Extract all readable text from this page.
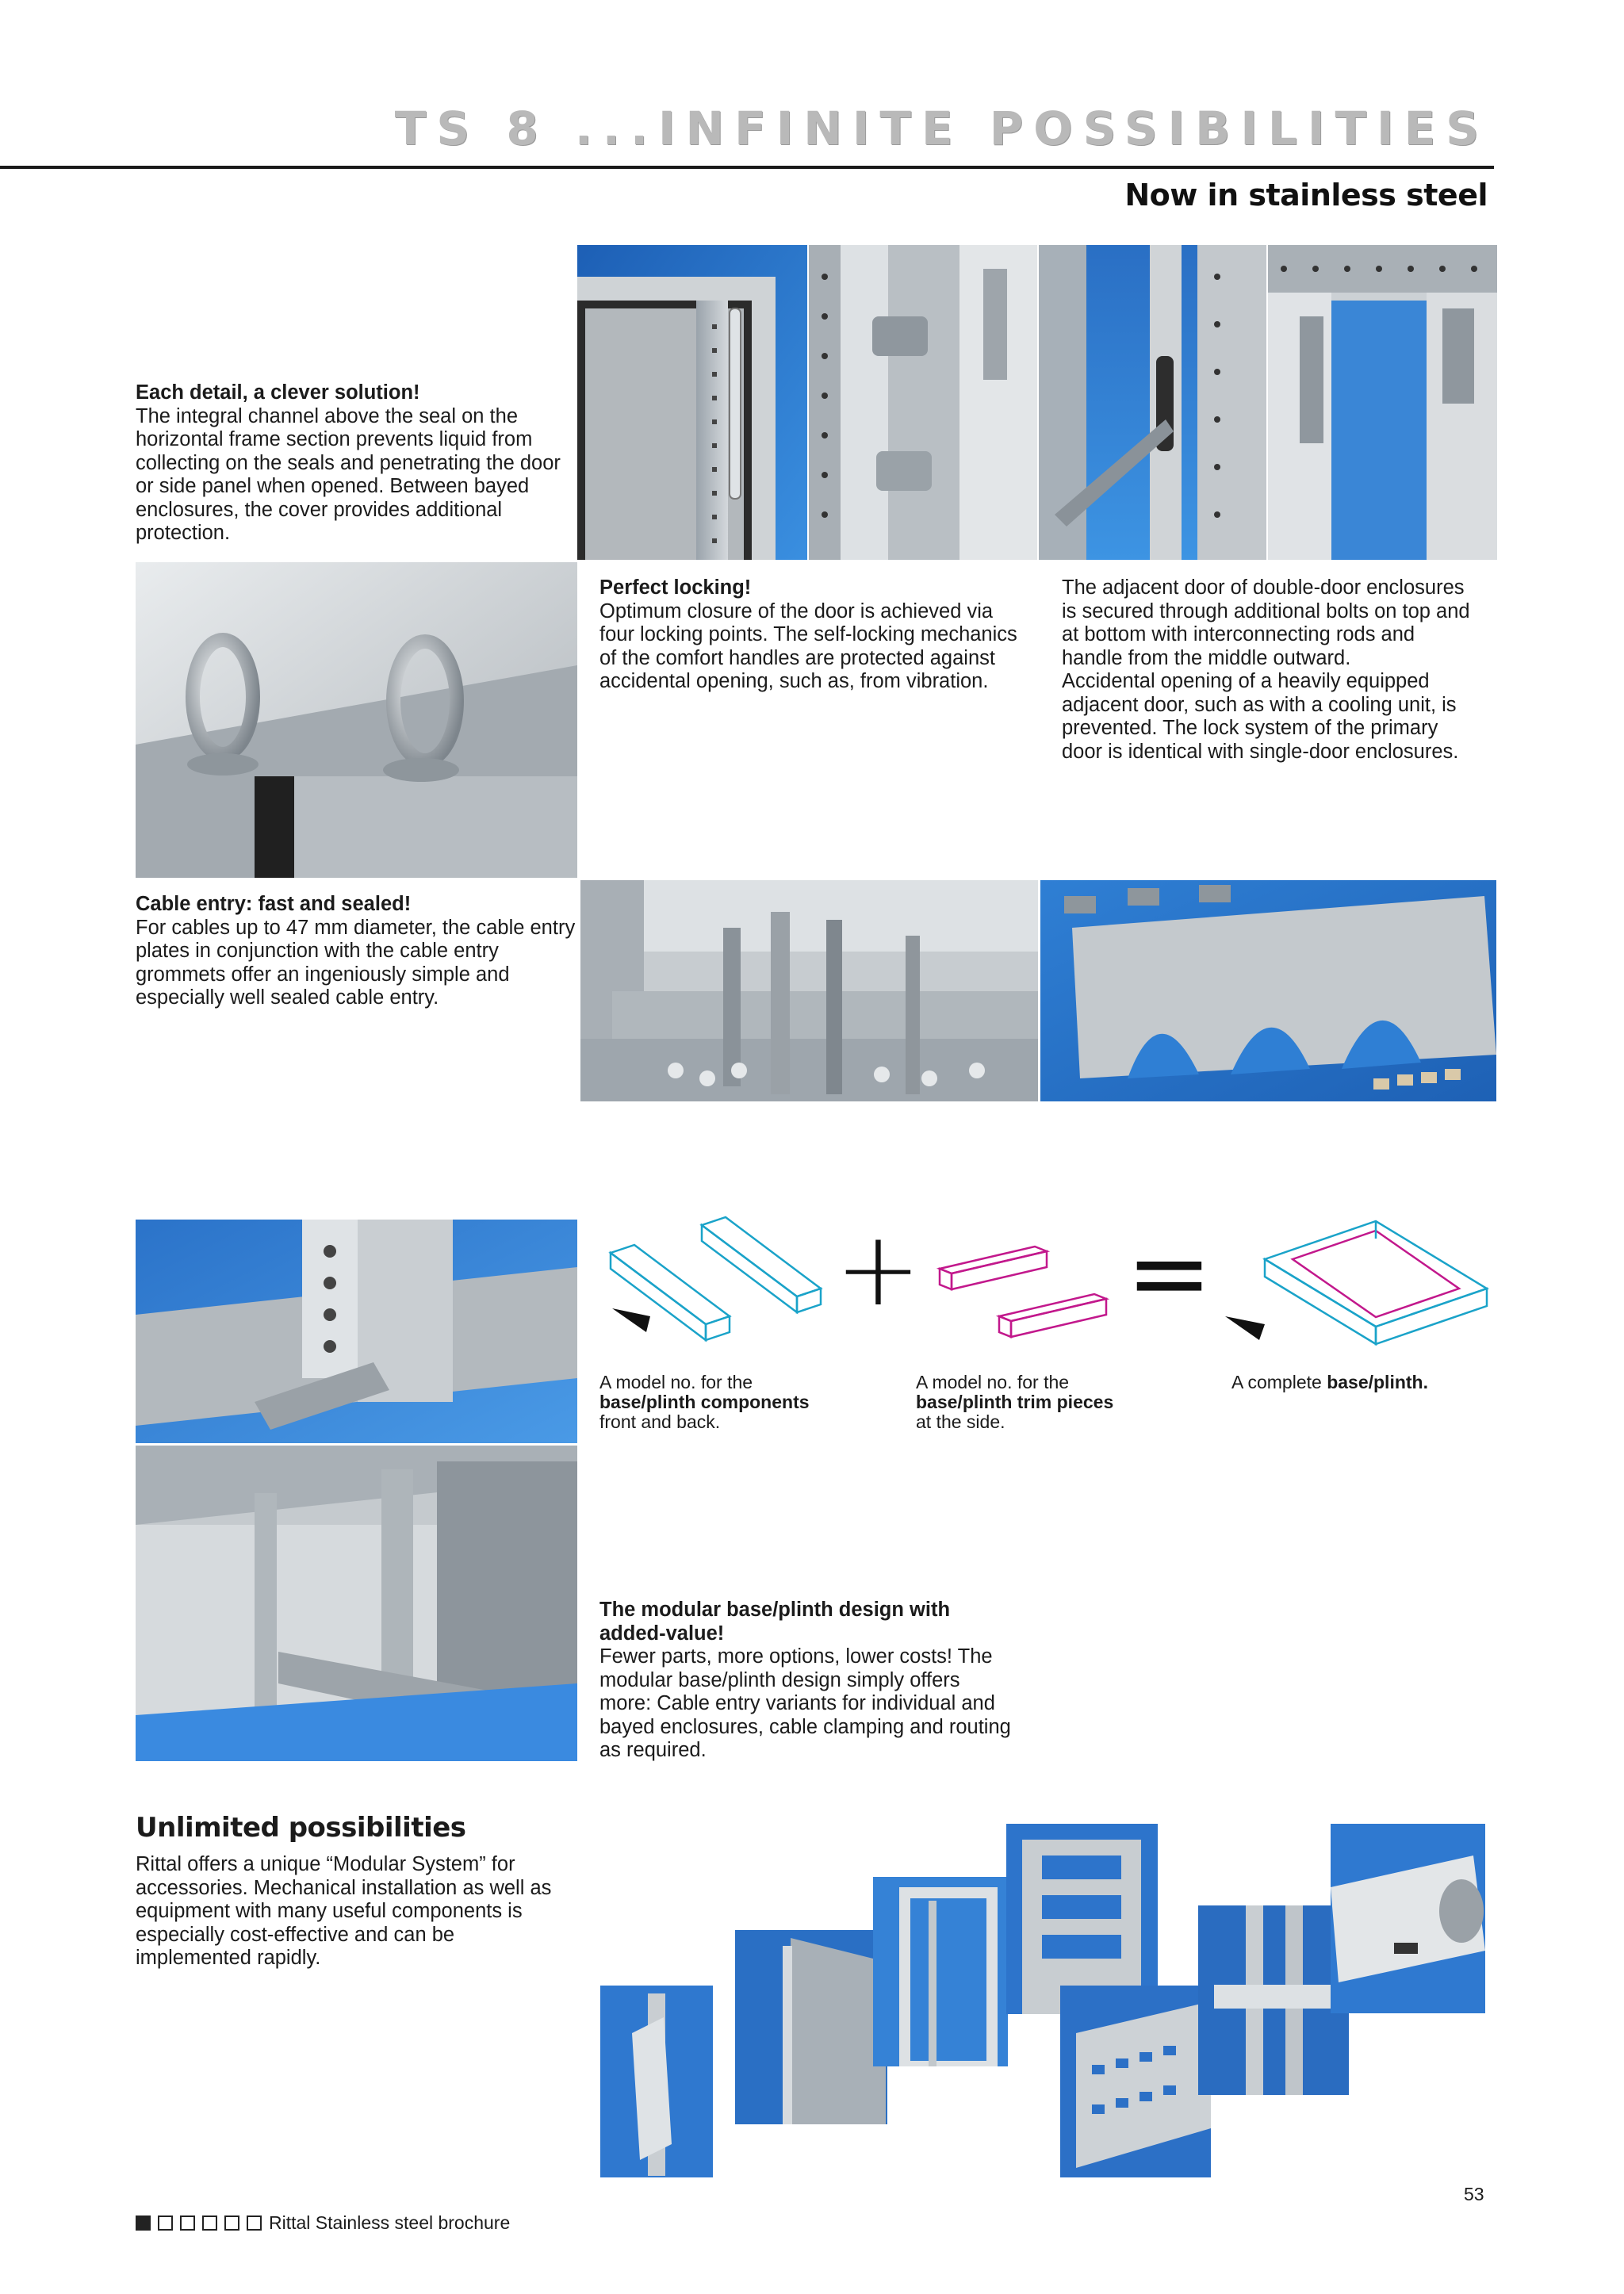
TS 8 ...INFINITE POSSIBILITIES
Now in stainless steel
Each detail, a clever solution!
The integral channel above the seal on the horizontal frame section prevents liquid from collecting on the seals and penetrating the door or side panel when opened. Between bayed enclosures, the cover provides additional protection.
Perfect locking!
Optimum closure of the door is achieved via four locking points. The self-locking mechanics of the comfort handles are protected against accidental opening, such as, from vibration.
The adjacent door of double-door enclosures is secured through additional bolts on top and at bottom with interconnecting rods and handle from the middle outward.
Accidental opening of a heavily equipped adjacent door, such as with a cooling unit, is prevented. The lock system of the primary door is identical with single-door enclosures.
Cable entry: fast and sealed!
For cables up to 47 mm diameter, the cable entry plates in conjunction with the cable entry grommets offer an ingeniously simple and especially well sealed cable entry.
+ =
A model no. for the
base/plinth components
front and back.
A model no. for the
base/plinth trim pieces
at the side.
A complete base/plinth.
The modular base/plinth design with added-value!
Fewer parts, more options, lower costs! The modular base/plinth design simply offers more: Cable entry variants for individual and bayed enclosures, cable clamping and routing as required.
Unlimited possibilities
Rittal offers a unique “Modular System” for accessories. Mechanical installation as well as equipment with many useful components is especially cost-effective and can be implemented rapidly.
53
Rittal Stainless steel brochure
